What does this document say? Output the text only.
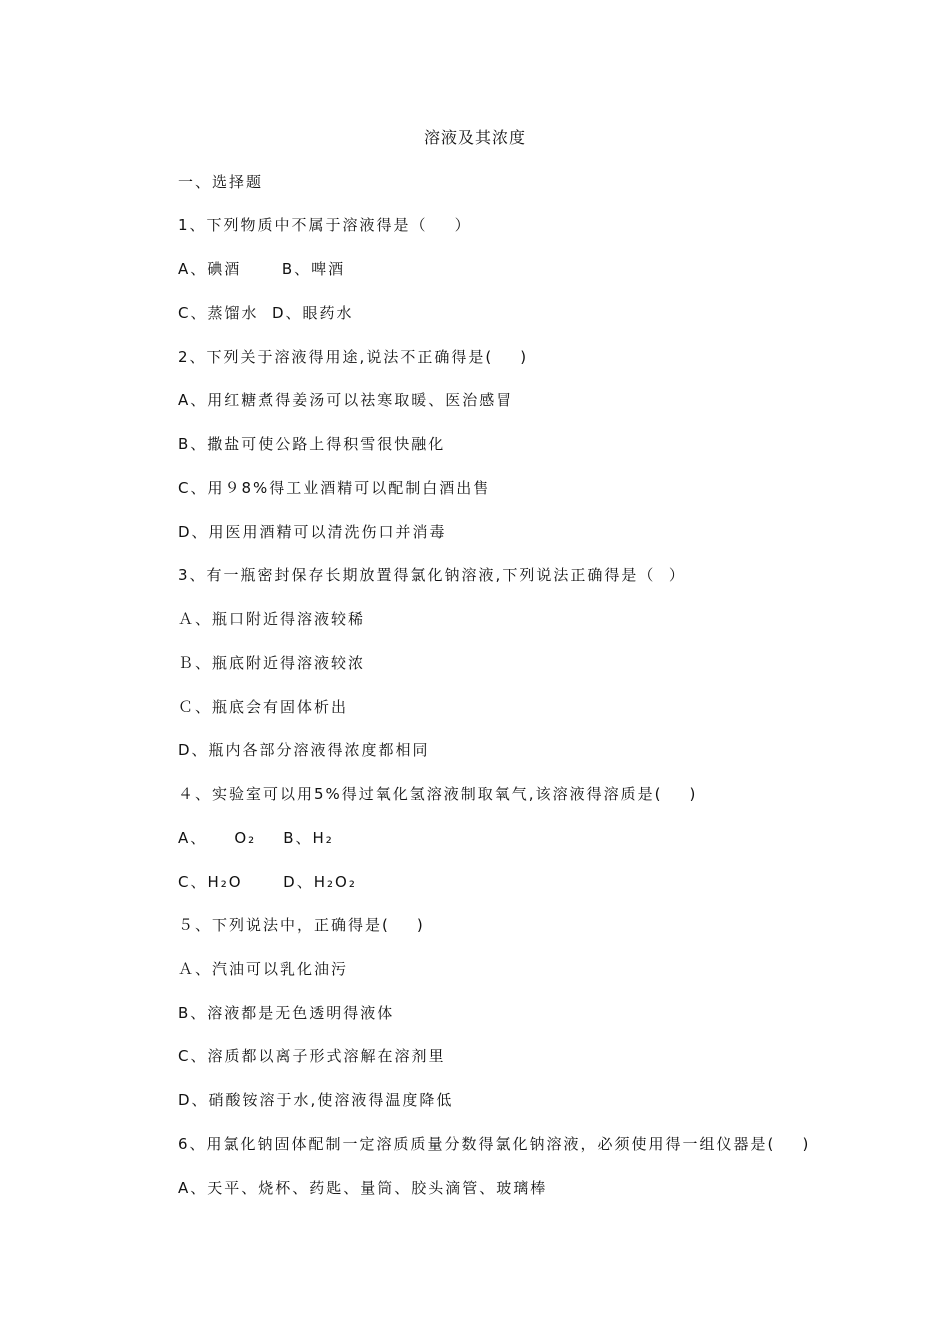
溶液及其浓度
一、选择题
1、下列物质中不属于溶液得是（    ）
A、碘酒      B、啤酒
C、蒸馏水  D、眼药水
2、下列关于溶液得用途,说法不正确得是(    )
A、用红糖煮得姜汤可以祛寒取暖、医治感冒
B、撒盐可使公路上得积雪很快融化
C、用９8%得工业酒精可以配制白酒出售
D、用医用酒精可以清洗伤口并消毒
3、有一瓶密封保存长期放置得氯化钠溶液,下列说法正确得是（  ）
Ａ、瓶口附近得溶液较稀
Ｂ、瓶底附近得溶液较浓
Ｃ、瓶底会有固体析出
D、瓶内各部分溶液得浓度都相同
４、实验室可以用5%得过氧化氢溶液制取氧气,该溶液得溶质是(    )
A、    O₂    B、H₂
C、H₂O      D、H₂O₂
５、下列说法中，正确得是(    )
Ａ、汽油可以乳化油污
B、溶液都是无色透明得液体
C、溶质都以离子形式溶解在溶剂里
D、硝酸铵溶于水,使溶液得温度降低
6、用氯化钠固体配制一定溶质质量分数得氯化钠溶液，必须使用得一组仪器是(    )
A、天平、烧杯、药匙、量筒、胶头滴管、玻璃棒
